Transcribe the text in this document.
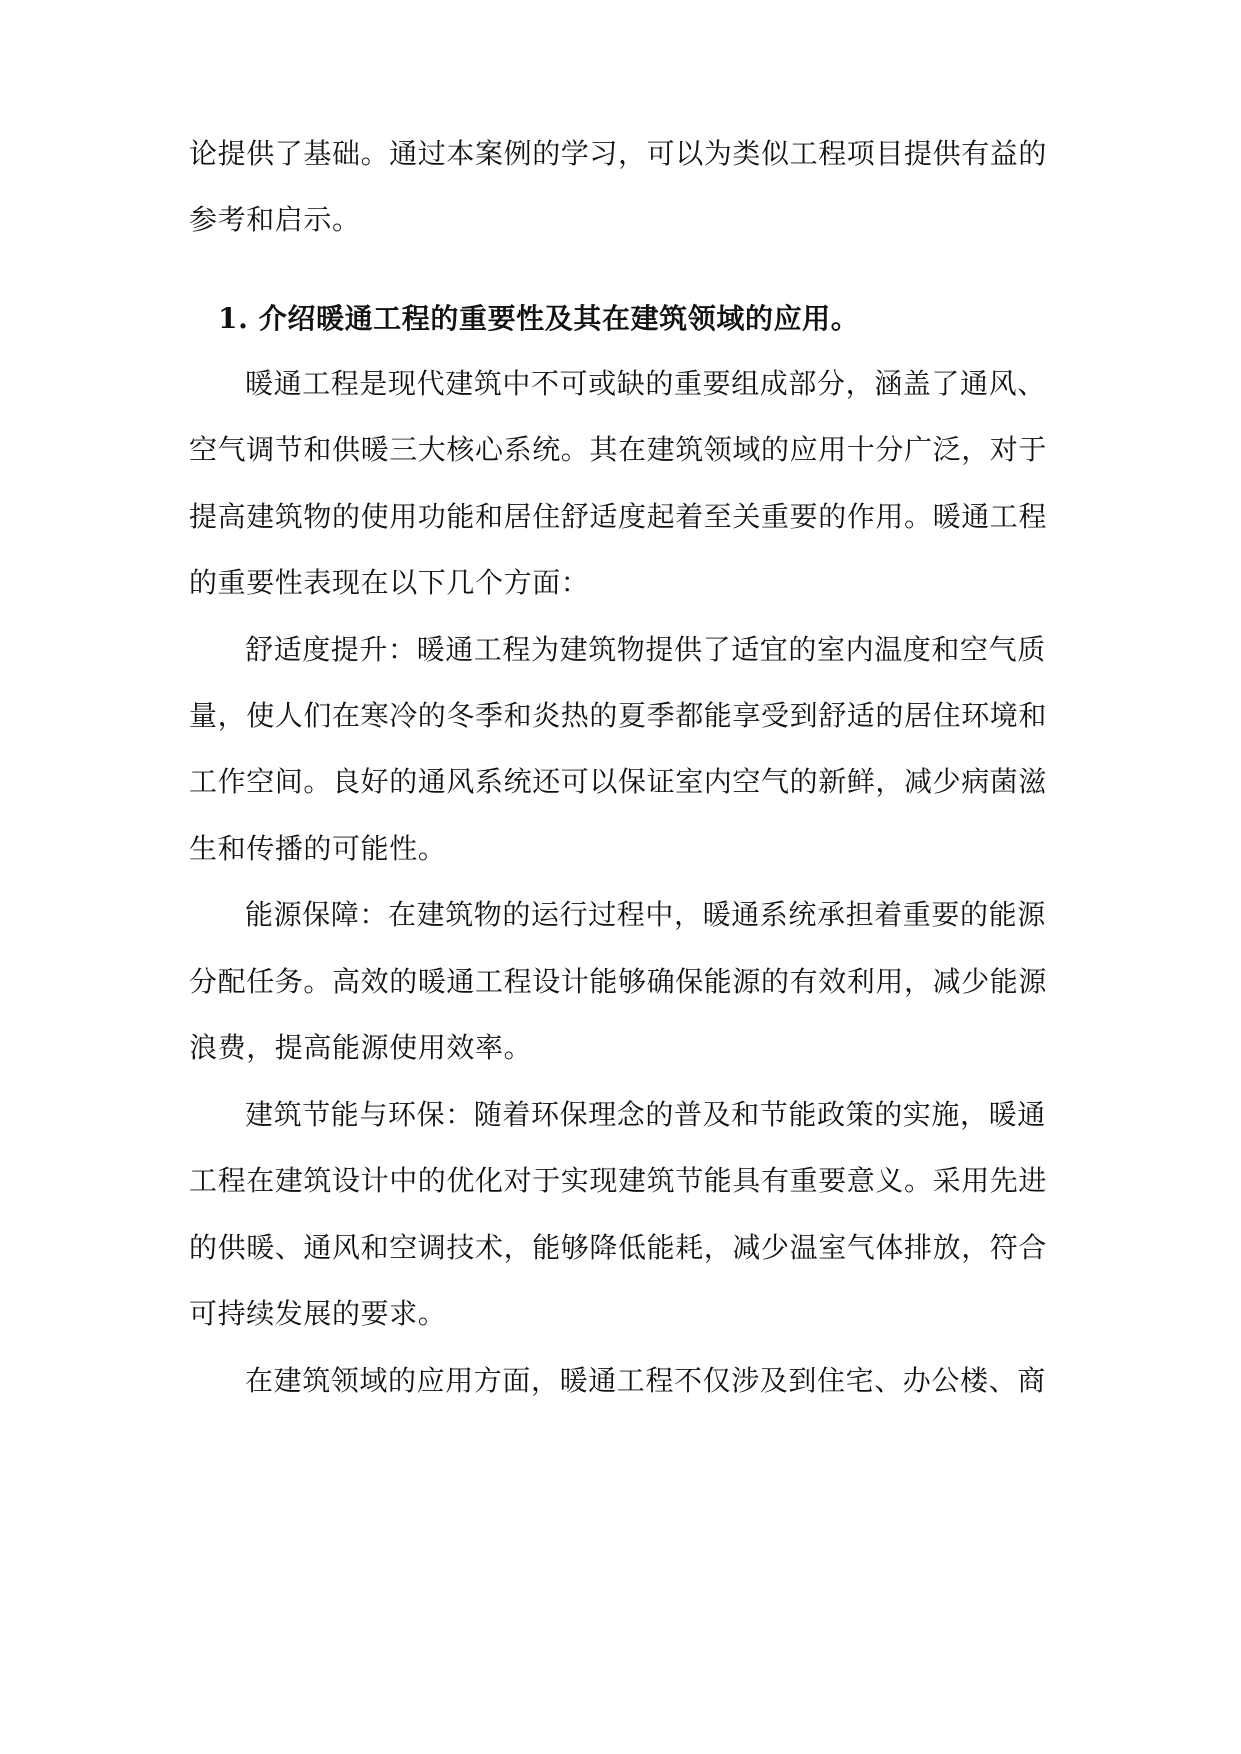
论提供了基础。通过本案例的学习，可以为类似工程项目提供有益的
参考和启示。
1. 介绍暖通工程的重要性及其在建筑领域的应用。
暖通工程是现代建筑中不可或缺的重要组成部分，涵盖了通风、
空气调节和供暖三大核心系统。其在建筑领域的应用十分广泛，对于
提高建筑物的使用功能和居住舒适度起着至关重要的作用。暖通工程
的重要性表现在以下几个方面：
舒适度提升：暖通工程为建筑物提供了适宜的室内温度和空气质
量，使人们在寒冷的冬季和炎热的夏季都能享受到舒适的居住环境和
工作空间。良好的通风系统还可以保证室内空气的新鲜，减少病菌滋
生和传播的可能性。
能源保障：在建筑物的运行过程中，暖通系统承担着重要的能源
分配任务。高效的暖通工程设计能够确保能源的有效利用，减少能源
浪费，提高能源使用效率。
建筑节能与环保：随着环保理念的普及和节能政策的实施，暖通
工程在建筑设计中的优化对于实现建筑节能具有重要意义。采用先进
的供暖、通风和空调技术，能够降低能耗，减少温室气体排放，符合
可持续发展的要求。
在建筑领域的应用方面，暖通工程不仅涉及到住宅、办公楼、商
